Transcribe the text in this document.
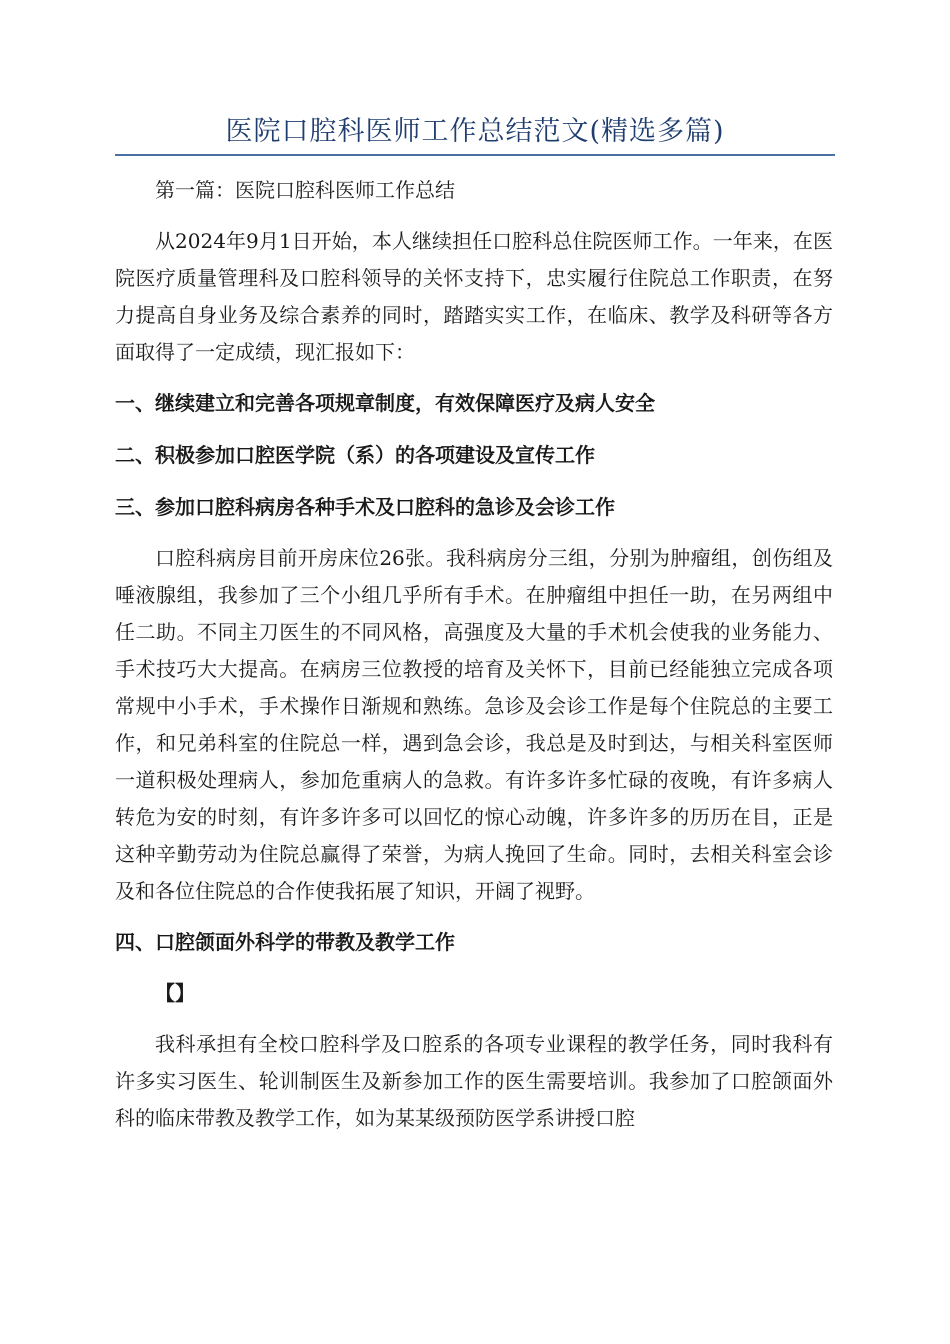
医院口腔科医师工作总结范文(精选多篇)

第一篇：医院口腔科医师工作总结

从2024年9月1日开始，本人继续担任口腔科总住院医师工作。一年来，在医院医疗质量管理科及口腔科领导的关怀支持下，忠实履行住院总工作职责，在努力提高自身业务及综合素养的同时，踏踏实实工作，在临床、教学及科研等各方面取得了一定成绩，现汇报如下：

一、继续建立和完善各项规章制度，有效保障医疗及病人安全

二、积极参加口腔医学院（系）的各项建设及宣传工作

三、参加口腔科病房各种手术及口腔科的急诊及会诊工作

口腔科病房目前开房床位26张。我科病房分三组，分别为肿瘤组，创伤组及唾液腺组，我参加了三个小组几乎所有手术。在肿瘤组中担任一助，在另两组中任二助。不同主刀医生的不同风格，高强度及大量的手术机会使我的业务能力、手术技巧大大提高。在病房三位教授的培育及关怀下，目前已经能独立完成各项常规中小手术，手术操作日渐规和熟练。急诊及会诊工作是每个住院总的主要工作，和兄弟科室的住院总一样，遇到急会诊，我总是及时到达，与相关科室医师一道积极处理病人，参加危重病人的急救。有许多许多忙碌的夜晚，有许多病人转危为安的时刻，有许多许多可以回忆的惊心动魄，许多许多的历历在目，正是这种辛勤劳动为住院总赢得了荣誉，为病人挽回了生命。同时，去相关科室会诊及和各位住院总的合作使我拓展了知识，开阔了视野。

四、口腔颌面外科学的带教及教学工作

【】

我科承担有全校口腔科学及口腔系的各项专业课程的教学任务，同时我科有许多实习医生、轮训制医生及新参加工作的医生需要培训。我参加了口腔颌面外科的临床带教及教学工作，如为某某级预防医学系讲授口腔
